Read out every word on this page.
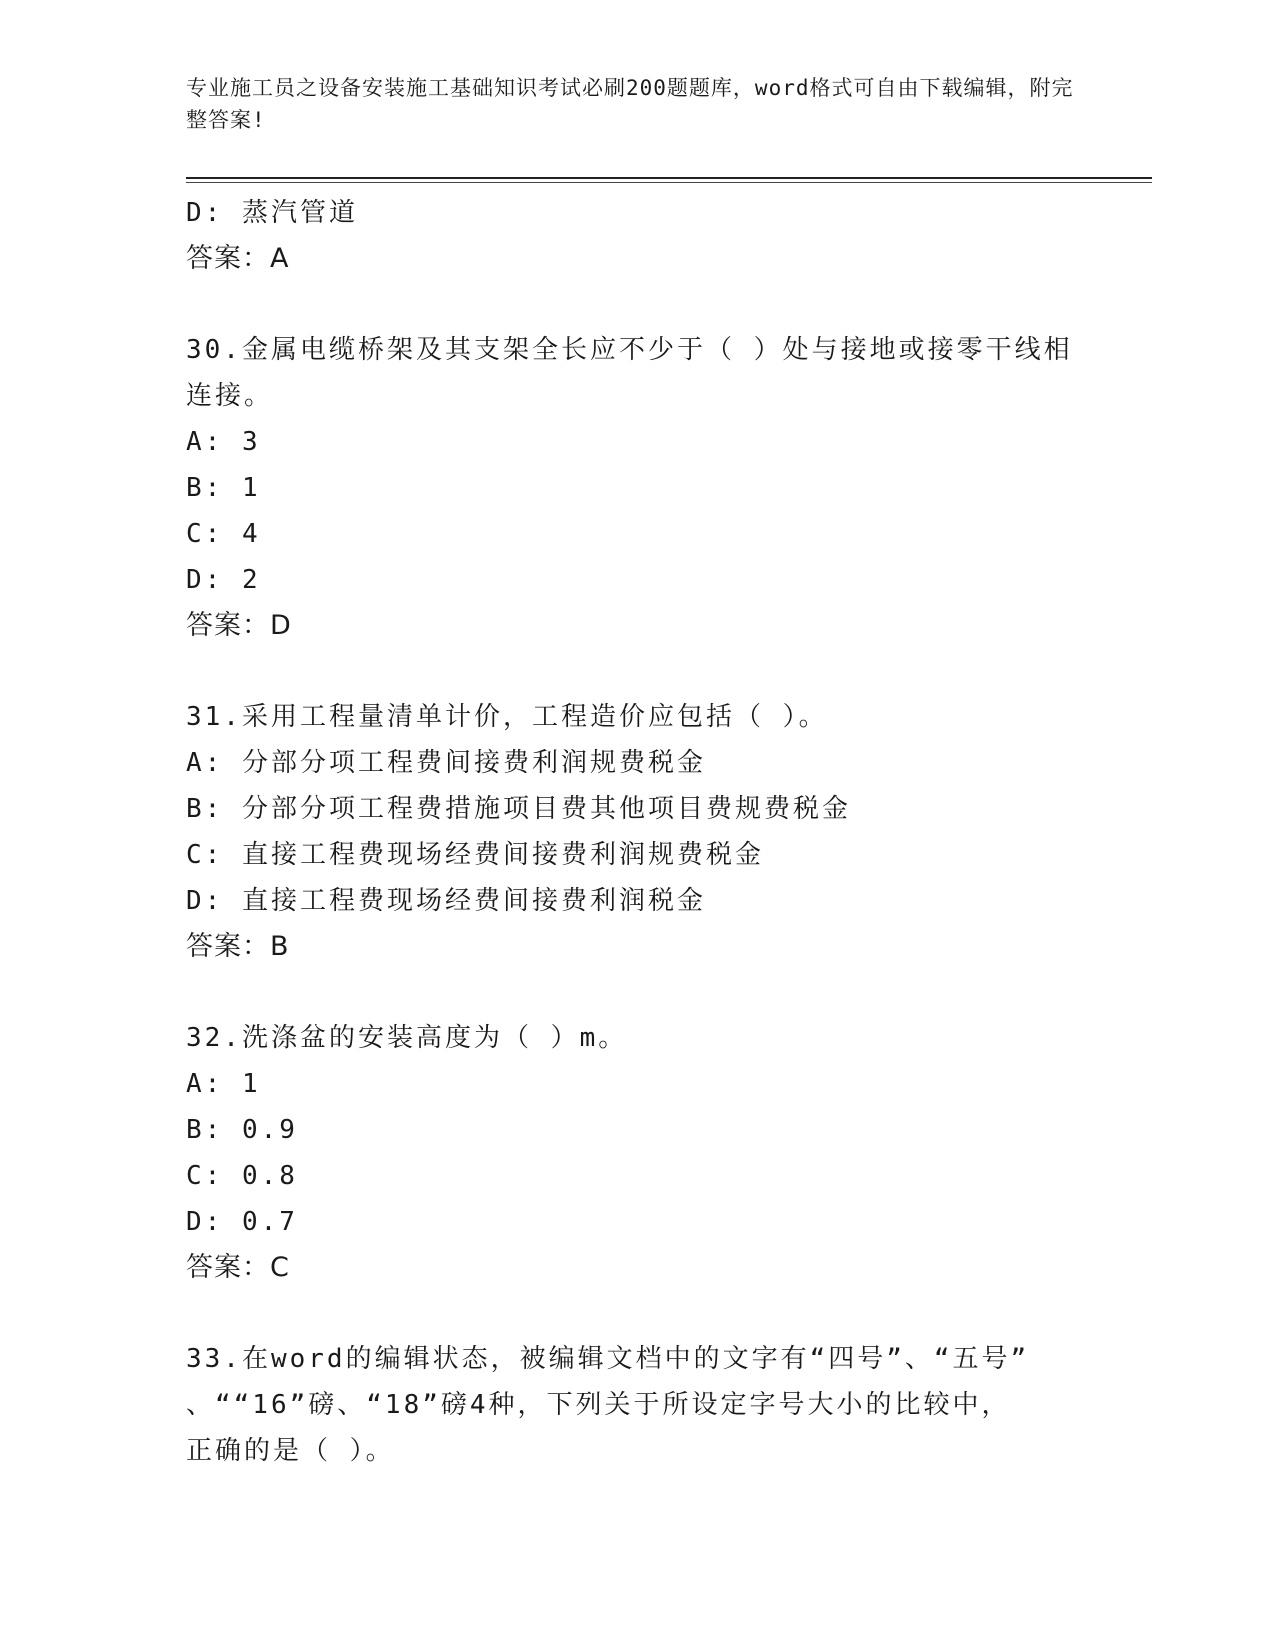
专业施工员之设备安装施工基础知识考试必刷200题题库，word格式可自由下载编辑，附完整答案!
D: 蒸汽管道
答案：A
30.金属电缆桥架及其支架全长应不少于（ ）处与接地或接零干线相
连接。
A: 3
B: 1
C: 4
D: 2
答案：D
31.采用工程量清单计价，工程造价应包括（ ）。
A: 分部分项工程费间接费利润规费税金
B: 分部分项工程费措施项目费其他项目费规费税金
C: 直接工程费现场经费间接费利润规费税金
D: 直接工程费现场经费间接费利润税金
答案：B
32.洗涤盆的安装高度为（ ）m。
A: 1
B: 0.9
C: 0.8
D: 0.7
答案：C
33.在word的编辑状态，被编辑文档中的文字有“四号”、“五号”
、““16”磅、“18”磅4种，下列关于所设定字号大小的比较中，
正确的是（ ）。
